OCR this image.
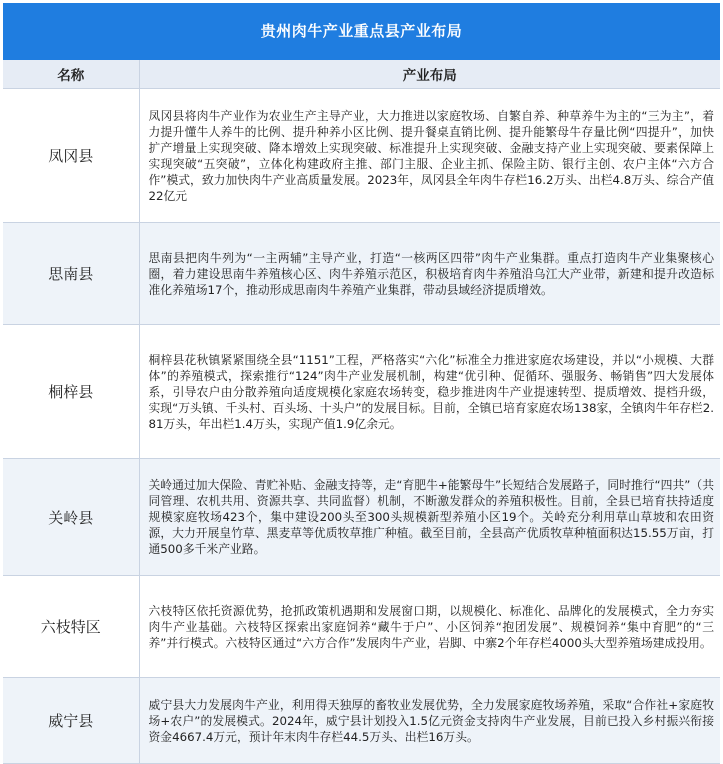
贵州肉牛产业重点县产业布局
名称	产业布局
凤冈县	凤冈县将肉牛产业作为农业生产主导产业，大力推进以家庭牧场、自繁自养、种草养牛为主的“三为主”，着力提升懂牛人养牛的比例、提升种养小区比例、提升餐桌直销比例、提升能繁母牛存量比例“四提升”，加快扩产增量上实现突破、降本增效上实现突破、标准提升上实现突破、金融支持产业上实现突破、要素保障上实现突破“五突破”，立体化构建政府主推、部门主服、企业主抓、保险主防、银行主创、农户主体“六方合作”模式，致力加快肉牛产业高质量发展。2023年，凤冈县全年肉牛存栏16.2万头、出栏4.8万头、综合产值22亿元
思南县	思南县把肉牛列为“一主两辅”主导产业，打造“一核两区四带”肉牛产业集群。重点打造肉牛产业集聚核心圈，着力建设思南牛养殖核心区、肉牛养殖示范区，积极培育肉牛养殖沿乌江大产业带，新建和提升改造标准化养殖场17个，推动形成思南肉牛养殖产业集群，带动县域经济提质增效。
桐梓县	桐梓县花秋镇紧紧围绕全县“1151”工程，严格落实“六化”标准全力推进家庭农场建设，并以“小规模、大群体”的养殖模式，探索推行“124”肉牛产业发展机制，构建“优引种、促循环、强服务、畅销售”四大发展体系，引导农户由分散养殖向适度规模化家庭农场转变，稳步推进肉牛产业提速转型、提质增效、提档升级，实现“万头镇、千头村、百头场、十头户”的发展目标。目前，全镇已培育家庭农场138家，全镇肉牛年存栏2.81万头，年出栏1.4万头，实现产值1.9亿余元。
关岭县	关岭通过加大保险、青贮补贴、金融支持等，走“育肥牛+能繁母牛”长短结合发展路子，同时推行“四共”（共同管理、农机共用、资源共享、共同监督）机制，不断激发群众的养殖积极性。目前，全县已培育扶持适度规模家庭牧场423个，集中建设200头至300头规模新型养殖小区19个。关岭充分利用草山草坡和农田资源，大力开展皇竹草、黑麦草等优质牧草推广种植。截至目前，全县高产优质牧草种植面积达15.55万亩，打通500多千米产业路。
六枝特区	六枝特区依托资源优势，抢抓政策机遇期和发展窗口期，以规模化、标准化、品牌化的发展模式，全力夯实肉牛产业基础。六枝特区探索出家庭饲养“藏牛于户”、小区饲养“抱团发展”、规模饲养“集中育肥”的“三养”并行模式。六枝特区通过“六方合作”发展肉牛产业，岩脚、中寨2个年存栏4000头大型养殖场建成投用。
威宁县	威宁县大力发展肉牛产业，利用得天独厚的畜牧业发展优势，全力发展家庭牧场养殖，采取“合作社+家庭牧场+农户”的发展模式。2024年，威宁县计划投入1.5亿元资金支持肉牛产业发展，目前已投入乡村振兴衔接资金4667.4万元，预计年末肉牛存栏44.5万头、出栏16万头。
